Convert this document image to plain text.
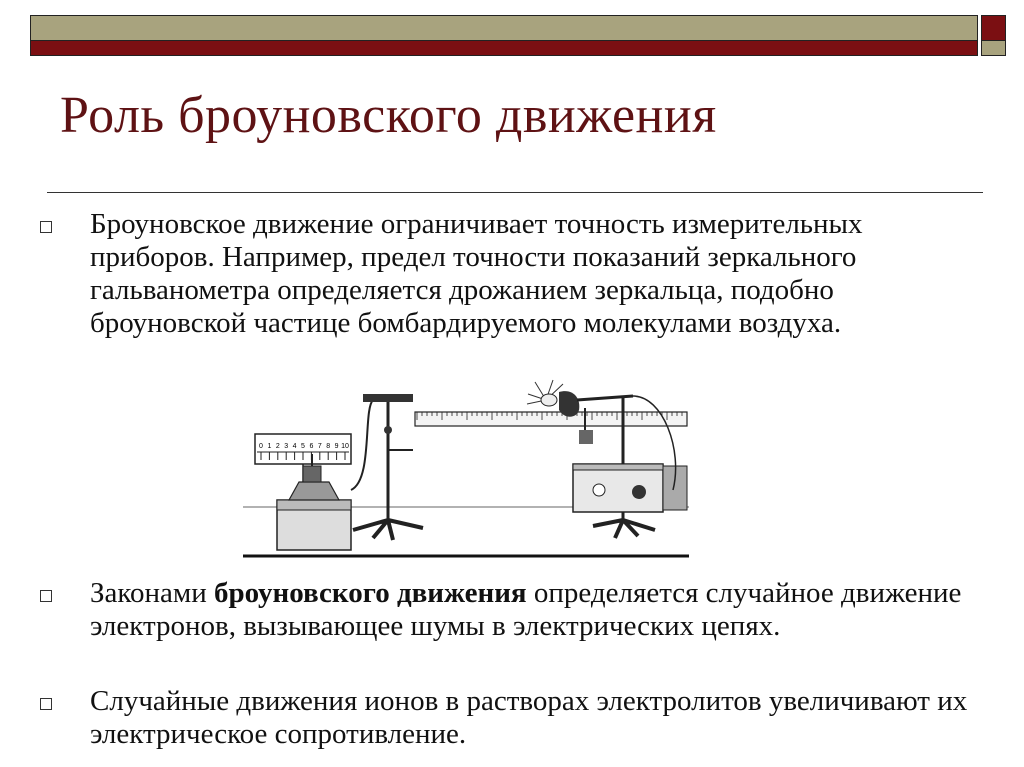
Роль броуновского движения
Броуновское движение ограничивает точность измерительных приборов. Например, предел точности показаний зеркального гальванометра определяется дрожанием зеркальца, подобно броуновской частице бомбардируемого молекулами воздуха.
0 1 2 3 4 5 6 7 8 9 10
Законами броуновского движения определяется случайное движение электронов, вызывающее шумы в электрических цепях.
Случайные движения ионов в растворах электролитов увеличивают их электрическое сопротивление.
